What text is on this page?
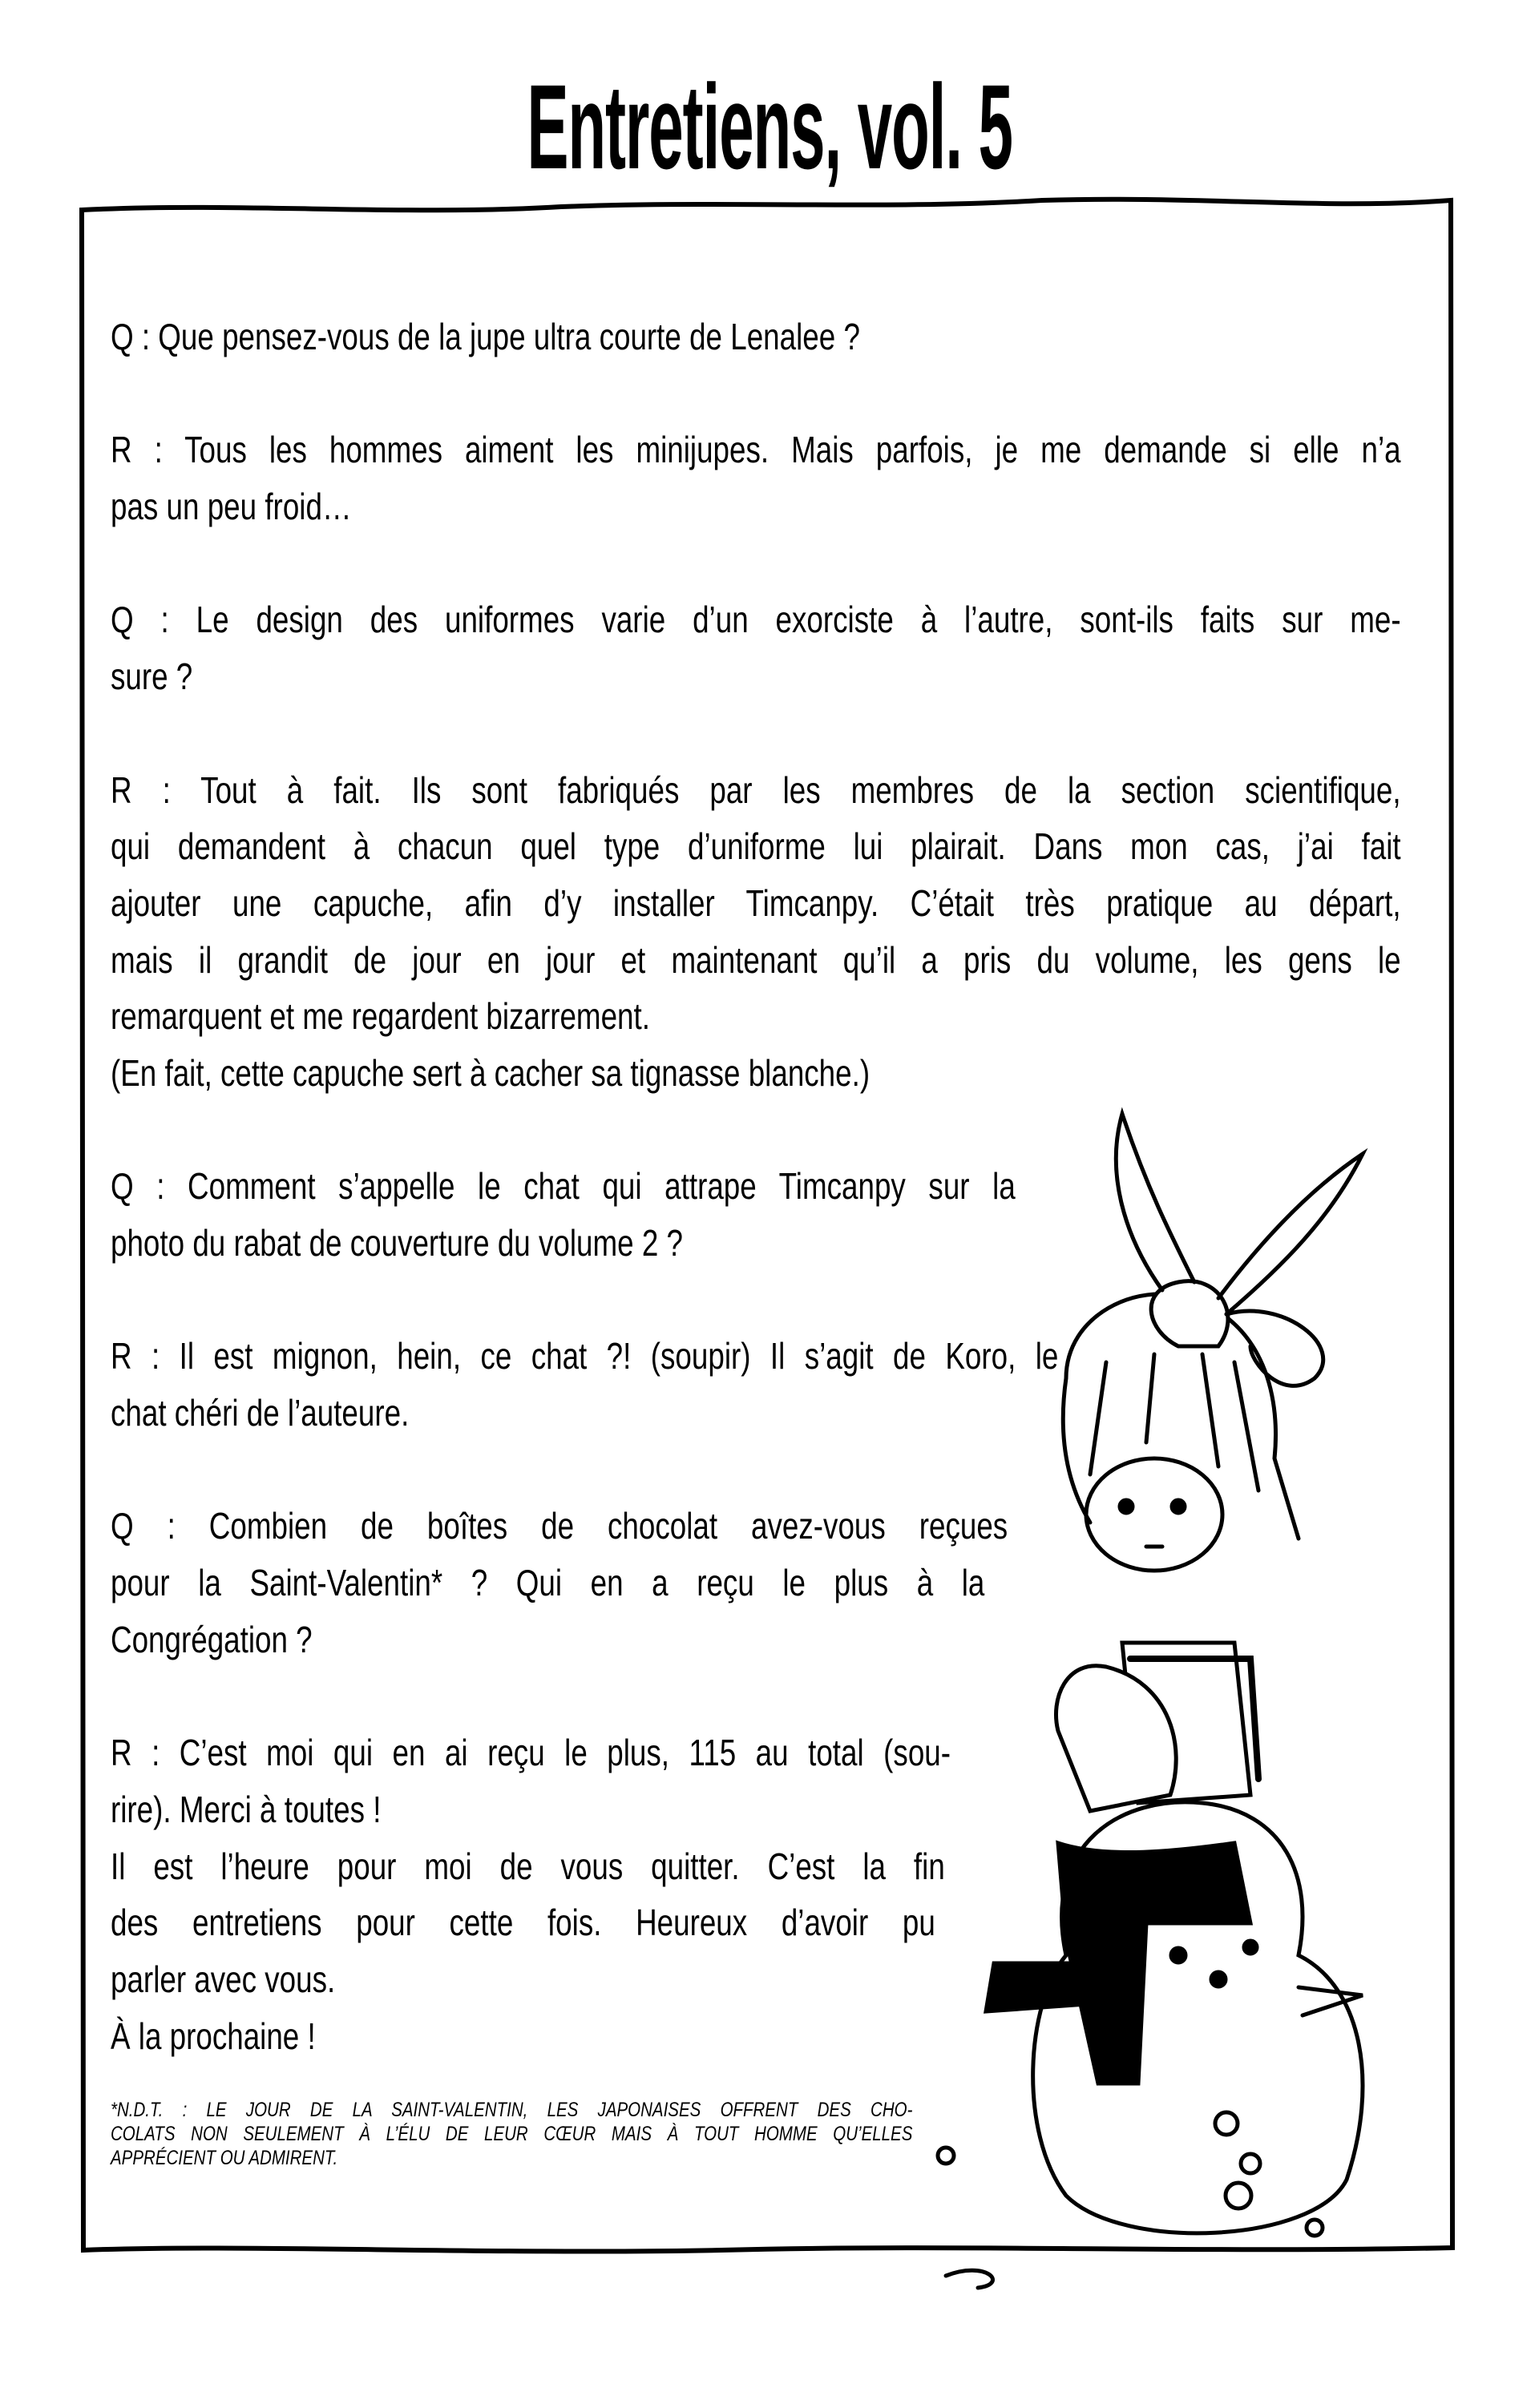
Entretiens, vol. 5
Q : Que pensez-vous de la jupe ultra courte de Lenalee ?
R : Tous les hommes aiment les minijupes. Mais parfois, je me demande si elle n’a
pas un peu froid…
Q : Le design des uniformes varie d’un exorciste à l’autre, sont-ils faits sur me-
sure ?
R : Tout à fait. Ils sont fabriqués par les membres de la section scientifique,
qui demandent à chacun quel type d’uniforme lui plairait. Dans mon cas, j’ai fait
ajouter une capuche, afin d’y installer Timcanpy. C’était très pratique au départ,
mais il grandit de jour en jour et maintenant qu’il a pris du volume, les gens le
remarquent et me regardent bizarrement.
(En fait, cette capuche sert à cacher sa tignasse blanche.)
Q : Comment s’appelle le chat qui attrape Timcanpy sur la
photo du rabat de couverture du volume 2 ?
R : Il est mignon, hein, ce chat ?! (soupir) Il s’agit de Koro, le
chat chéri de l’auteure.
Q : Combien de boîtes de chocolat avez-vous reçues
pour la Saint-Valentin* ? Qui en a reçu le plus à la
Congrégation ?
R : C’est moi qui en ai reçu le plus, 115 au total (sou-
rire). Merci à toutes !
Il est l’heure pour moi de vous quitter. C’est la fin
des entretiens pour cette fois. Heureux d’avoir pu
parler avec vous.
À la prochaine !
*N.D.T. : LE JOUR DE LA SAINT-VALENTIN, LES JAPONAISES OFFRENT DES CHO-
COLATS NON SEULEMENT À L’ÉLU DE LEUR CŒUR MAIS À TOUT HOMME QU’ELLES
APPRÉCIENT OU ADMIRENT.
